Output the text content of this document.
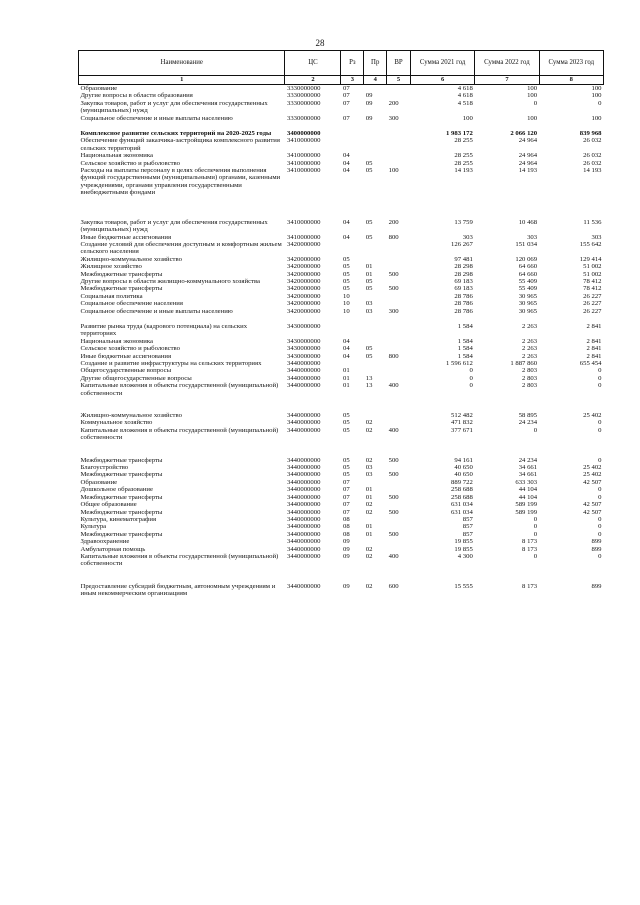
28
Наименование	ЦС	Рз	Пр	ВР	Сумма 2021 год	Сумма 2022 год	Сумма 2023 год
1	2	3	4	5	6	7	8
Образование	3330000000	07			4 618	100	100
Другие вопросы в области образования	3330000000	07	09		4 618	100	100
Закупка товаров, работ и услуг для обеспечения государственных (муниципальных) нужд	3330000000	07	09	200	4 518	0	0
Социальное обеспечение и иные выплаты населению	3330000000	07	09	300	100	100	100
Комплексное развитие сельских территорий на 2020-2025 годы	3400000000				1 983 172	2 066 120	839 968
Обеспечение функций заказчика-застройщика комплексного развития сельских территорий	3410000000				28 255	24 964	26 032
Национальная экономика	3410000000	04			28 255	24 964	26 032
Сельское хозяйство и рыболовство	3410000000	04	05		28 255	24 964	26 032
Расходы на выплаты персоналу в целях обеспечения выполнения функций государственными (муниципальными) органами, казенными учреждениями, органами управления государственными внебюджетными фондами	3410000000	04	05	100	14 193	14 193	14 193
Закупка товаров, работ и услуг для обеспечения государственных (муниципальных) нужд	3410000000	04	05	200	13 759	10 468	11 536
Иные бюджетные ассигнования	3410000000	04	05	800	303	303	303
Создание условий для обеспечения доступным и комфортным жильем сельского населения	3420000000				126 267	151 034	155 642
Жилищно-коммунальное хозяйство	3420000000	05			97 481	120 069	129 414
Жилищное хозяйство	3420000000	05	01		28 298	64 660	51 002
Межбюджетные трансферты	3420000000	05	01	500	28 298	64 660	51 002
Другие вопросы в области жилищно-коммунального хозяйства	3420000000	05	05		69 183	55 409	78 412
Межбюджетные трансферты	3420000000	05	05	500	69 183	55 409	78 412
Социальная политика	3420000000	10			28 786	30 965	26 227
Социальное обеспечение населения	3420000000	10	03		28 786	30 965	26 227
Социальное обеспечение и иные выплаты населению	3420000000	10	03	300	28 786	30 965	26 227
Развитие рынка труда (кадрового потенциала) на сельских территориях	3430000000				1 584	2 263	2 841
Национальная экономика	3430000000	04			1 584	2 263	2 841
Сельское хозяйство и рыболовство	3430000000	04	05		1 584	2 263	2 841
Иные бюджетные ассигнования	3430000000	04	05	800	1 584	2 263	2 841
Создание и развитие инфраструктуры на сельских территориях	3440000000				1 596 612	1 887 860	655 454
Общегосударственные вопросы	3440000000	01			0	2 803	0
Другие общегосударственные вопросы	3440000000	01	13		0	2 803	0
Капитальные вложения в объекты государственной (муниципальной) собственности	3440000000	01	13	400	0	2 803	0
Жилищно-коммунальное хозяйство	3440000000	05			512 482	58 895	25 402
Коммунальное хозяйство	3440000000	05	02		471 832	24 234	0
Капитальные вложения в объекты государственной (муниципальной) собственности	3440000000	05	02	400	377 671	0	0
Межбюджетные трансферты	3440000000	05	02	500	94 161	24 234	0
Благоустройство	3440000000	05	03		40 650	34 661	25 402
Межбюджетные трансферты	3440000000	05	03	500	40 650	34 661	25 402
Образование	3440000000	07			889 722	633 303	42 507
Дошкольное образование	3440000000	07	01		258 688	44 104	0
Межбюджетные трансферты	3440000000	07	01	500	258 688	44 104	0
Общее образование	3440000000	07	02		631 034	589 199	42 507
Межбюджетные трансферты	3440000000	07	02	500	631 034	589 199	42 507
Культура, кинематография	3440000000	08			857	0	0
Культура	3440000000	08	01		857	0	0
Межбюджетные трансферты	3440000000	08	01	500	857	0	0
Здравоохранение	3440000000	09			19 855	8 173	899
Амбулаторная помощь	3440000000	09	02		19 855	8 173	899
Капитальные вложения в объекты государственной (муниципальной) собственности	3440000000	09	02	400	4 300	0	0
Предоставление субсидий бюджетным, автономным учреждениям и иным некоммерческим организациям	3440000000	09	02	600	15 555	8 173	899
